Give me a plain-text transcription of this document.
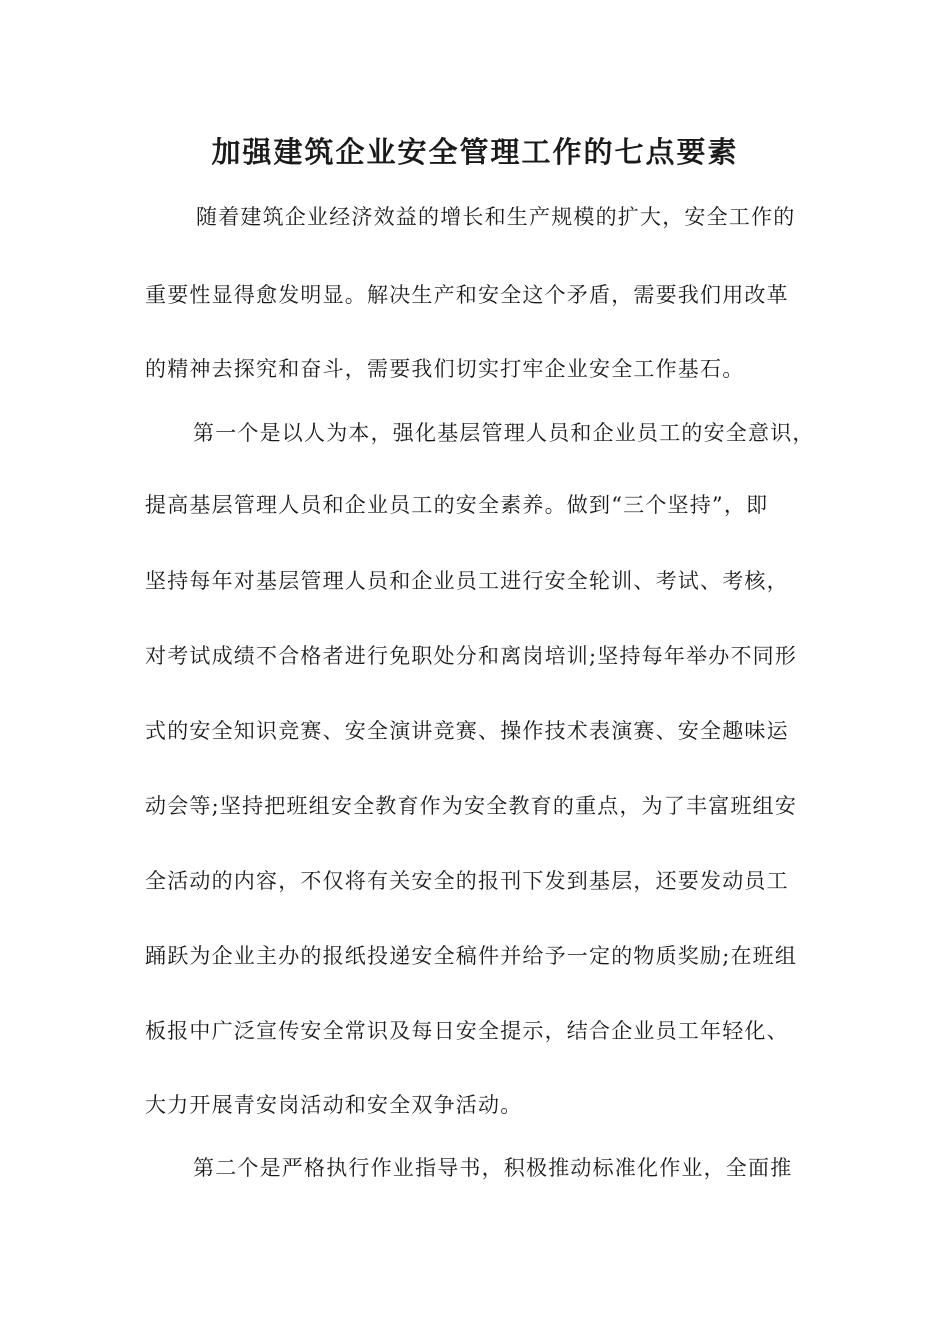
加强建筑企业安全管理工作的七点要素
随着建筑企业经济效益的增长和生产规模的扩大，安全工作的
重要性显得愈发明显。解决生产和安全这个矛盾，需要我们用改革
的精神去探究和奋斗，需要我们切实打牢企业安全工作基石。
第一个是以人为本，强化基层管理人员和企业员工的安全意识，
提高基层管理人员和企业员工的安全素养。做到“三个坚持”，即
坚持每年对基层管理人员和企业员工进行安全轮训、考试、考核，
对考试成绩不合格者进行免职处分和离岗培训;坚持每年举办不同形
式的安全知识竞赛、安全演讲竞赛、操作技术表演赛、安全趣味运
动会等;坚持把班组安全教育作为安全教育的重点，为了丰富班组安
全活动的内容，不仅将有关安全的报刊下发到基层，还要发动员工
踊跃为企业主办的报纸投递安全稿件并给予一定的物质奖励;在班组
板报中广泛宣传安全常识及每日安全提示，结合企业员工年轻化、
大力开展青安岗活动和安全双争活动。
第二个是严格执行作业指导书，积极推动标准化作业，全面推
